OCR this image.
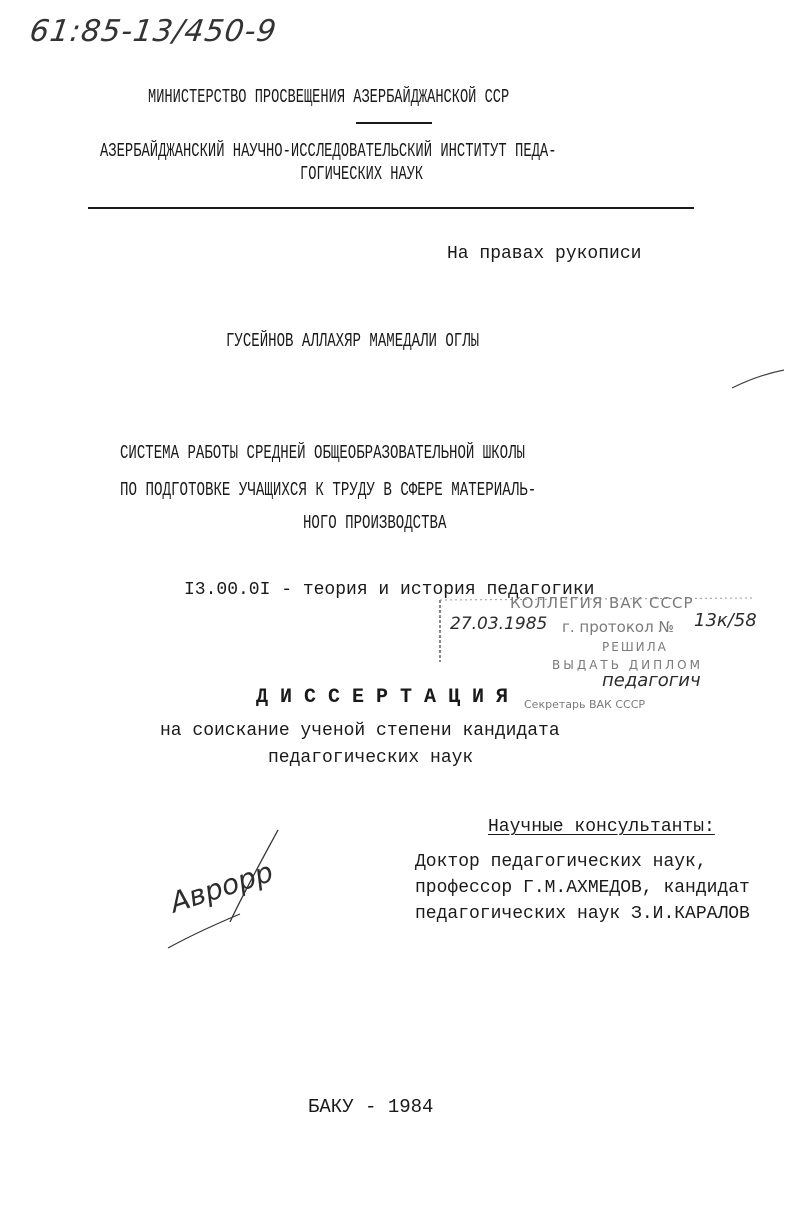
61:85-13/450-9
МИНИСТЕРСТВО ПРОСВЕЩЕНИЯ АЗЕРБАЙДЖАНСКОЙ ССР
АЗЕРБАЙДЖАНСКИЙ НАУЧНО-ИССЛЕДОВАТЕЛЬСКИЙ ИНСТИТУТ ПЕДА-
ГОГИЧЕСКИХ НАУК
На правах рукописи
ГУСЕЙНОВ АЛЛАХЯР МАМЕДАЛИ ОГЛЫ
СИСТЕМА РАБОТЫ СРЕДНЕЙ ОБЩЕОБРАЗОВАТЕЛЬНОЙ ШКОЛЫ
ПО ПОДГОТОВКЕ УЧАЩИХСЯ К ТРУДУ В СФЕРЕ МАТЕРИАЛЬ-
НОГО ПРОИЗВОДСТВА
I3.00.0I - теория и история педагогики
КОЛЛЕГИЯ ВАК СССР
27.03.1985 г. протокол № 13к/58
РЕШИЛА
ВЫДАТЬ ДИПЛОМ
педагогич
Секретарь ВАК СССР
Д И С С Е Р Т А Ц И Я
на соискание ученой степени кандидата
педагогических наук
Научные консультанты:
Доктор педагогических наук,
профессор Г.М.АХМЕДОВ, кандидат
педагогических наук З.И.КАРАЛОВ
Аврорр
БАКУ - 1984
